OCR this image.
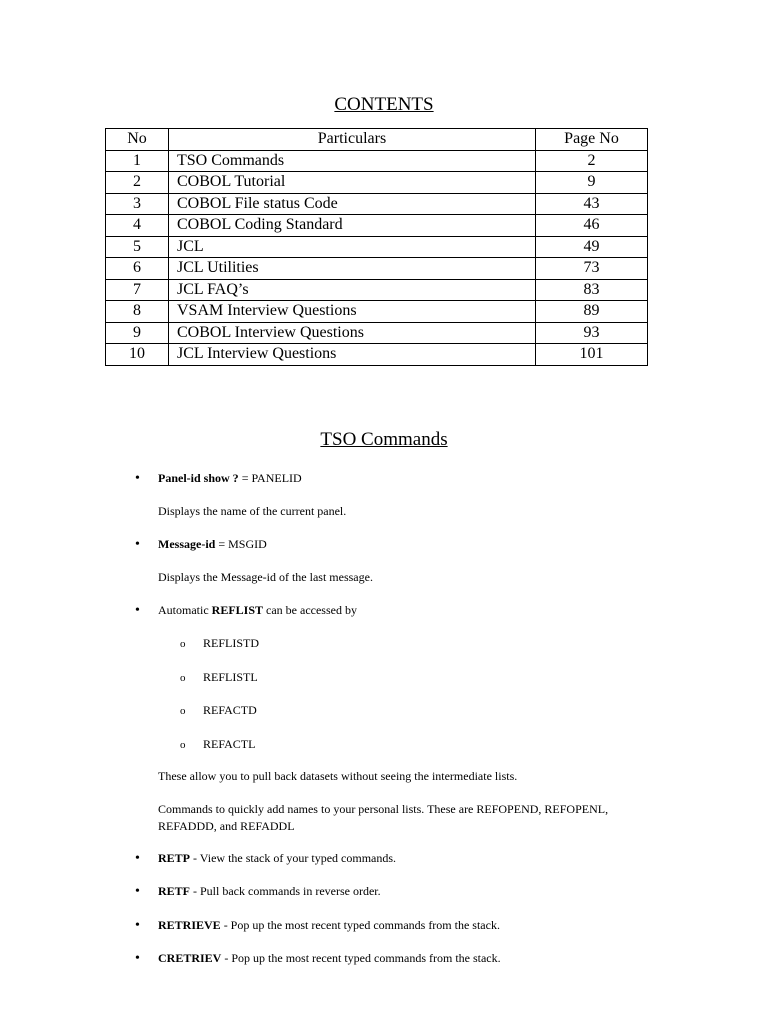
CONTENTS
No	Particulars	Page No
1	TSO Commands	2
2	COBOL Tutorial	9
3	COBOL File status Code	43
4	COBOL Coding Standard	46
5	JCL	49
6	JCL Utilities	73
7	JCL FAQ’s	83
8	VSAM Interview Questions	89
9	COBOL Interview Questions	93
10	JCL Interview Questions	101
TSO Commands
• Panel-id show ? = PANELID
Displays the name of the current panel.
• Message-id = MSGID
Displays the Message-id of the last message.
• Automatic REFLIST can be accessed by
o REFLISTD
o REFLISTL
o REFACTD
o REFACTL
These allow you to pull back datasets without seeing the intermediate lists.
Commands to quickly add names to your personal lists. These are REFOPEND, REFOPENL,
REFADDD, and REFADDL
• RETP - View the stack of your typed commands.
• RETF - Pull back commands in reverse order.
• RETRIEVE - Pop up the most recent typed commands from the stack.
• CRETRIEV - Pop up the most recent typed commands from the stack.
